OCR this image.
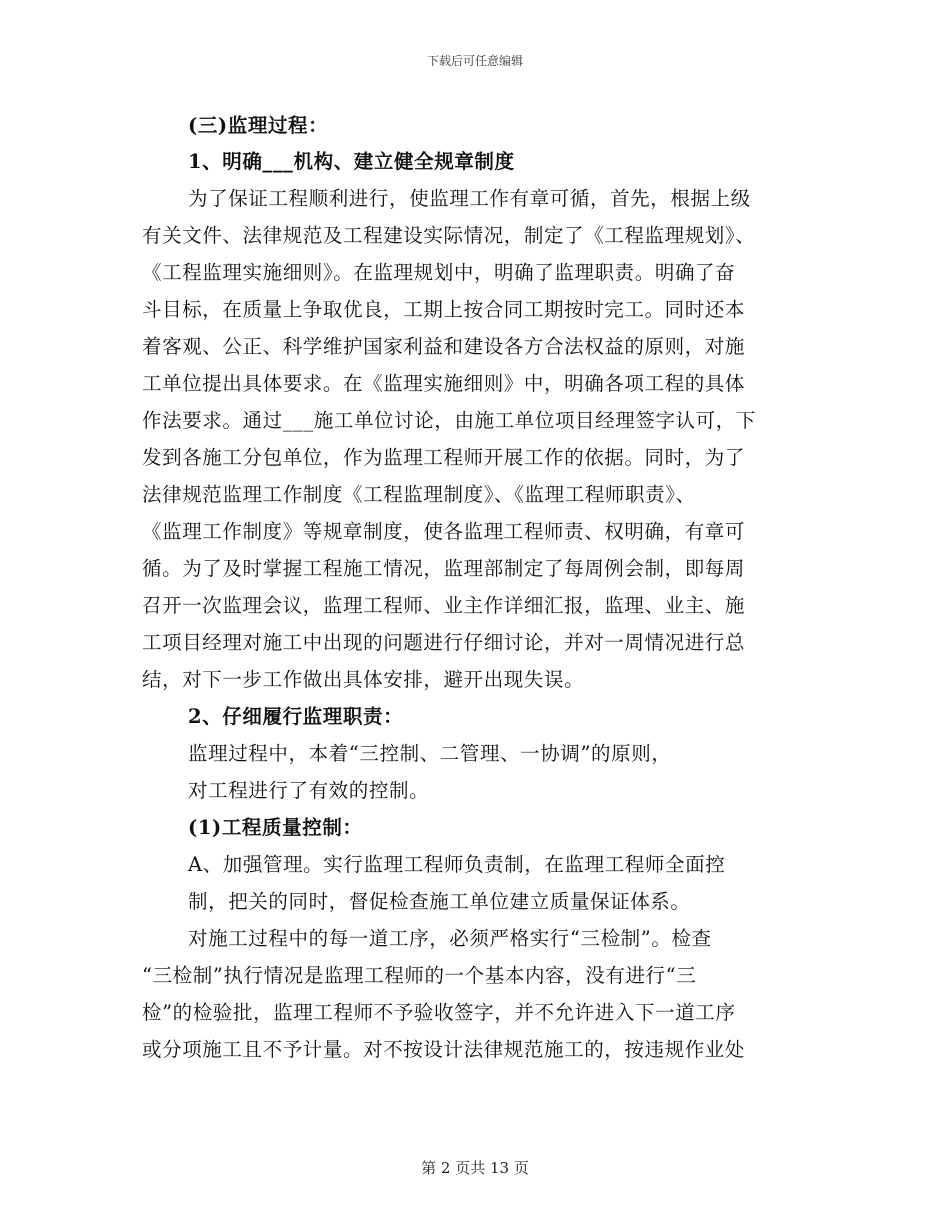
下载后可任意编辑
(三)监理过程：
1、明确___机构、建立健全规章制度
为了保证工程顺利进行，使监理工作有章可循，首先，根据上级
有关文件、法律规范及工程建设实际情况，制定了《工程监理规划》、
《工程监理实施细则》。在监理规划中，明确了监理职责。明确了奋
斗目标，在质量上争取优良，工期上按合同工期按时完工。同时还本
着客观、公正、科学维护国家利益和建设各方合法权益的原则，对施
工单位提出具体要求。在《监理实施细则》中，明确各项工程的具体
作法要求。通过___施工单位讨论，由施工单位项目经理签字认可，下
发到各施工分包单位，作为监理工程师开展工作的依据。同时，为了
法律规范监理工作制度《工程监理制度》、《监理工程师职责》、
《监理工作制度》等规章制度，使各监理工程师责、权明确，有章可
循。为了及时掌握工程施工情况，监理部制定了每周例会制，即每周
召开一次监理会议，监理工程师、业主作详细汇报，监理、业主、施
工项目经理对施工中出现的问题进行仔细讨论，并对一周情况进行总
结，对下一步工作做出具体安排，避开出现失误。
2、仔细履行监理职责：
监理过程中，本着“三控制、二管理、一协调”的原则，
对工程进行了有效的控制。
(1)工程质量控制：
A、加强管理。实行监理工程师负责制，在监理工程师全面控
制，把关的同时，督促检查施工单位建立质量保证体系。
对施工过程中的每一道工序，必须严格实行“三检制”。检查
“三检制”执行情况是监理工程师的一个基本内容，没有进行“三
检”的检验批，监理工程师不予验收签字，并不允许进入下一道工序
或分项施工且不予计量。对不按设计法律规范施工的，按违规作业处
第 2 页共 13 页
